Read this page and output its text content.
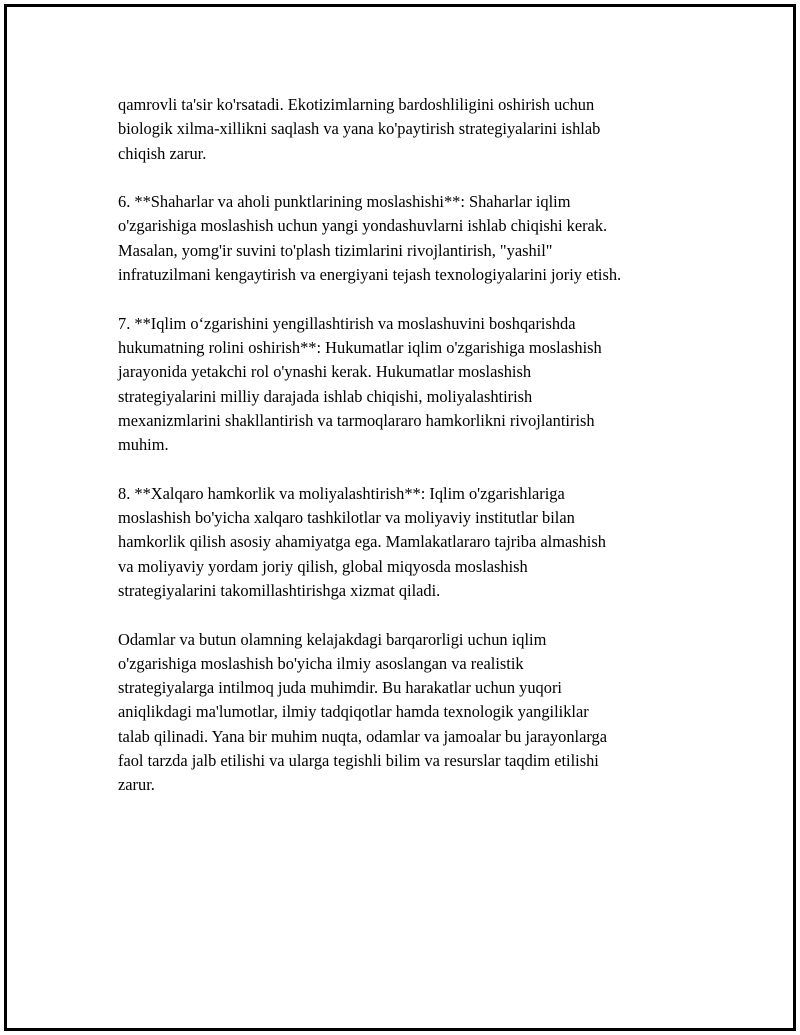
qamrovli ta'sir ko'rsatadi. Ekotizimlarning bardoshliligini oshirish uchun
biologik xilma-xillikni saqlash va yana ko'paytirish strategiyalarini ishlab
chiqish zarur.

6. **Shaharlar va aholi punktlarining moslashishi**: Shaharlar iqlim
o'zgarishiga moslashish uchun yangi yondashuvlarni ishlab chiqishi kerak.
Masalan, yomg'ir suvini to'plash tizimlarini rivojlantirish, "yashil"
infratuzilmani kengaytirish va energiyani tejash texnologiyalarini joriy etish.

7. **Iqlim o‘zgarishini yengillashtirish va moslashuvini boshqarishda
hukumatning rolini oshirish**: Hukumatlar iqlim o'zgarishiga moslashish
jarayonida yetakchi rol o'ynashi kerak. Hukumatlar moslashish
strategiyalarini milliy darajada ishlab chiqishi, moliyalashtirish
mexanizmlarini shakllantirish va tarmoqlararo hamkorlikni rivojlantirish
muhim.

8. **Xalqaro hamkorlik va moliyalashtirish**: Iqlim o'zgarishlariga
moslashish bo'yicha xalqaro tashkilotlar va moliyaviy institutlar bilan
hamkorlik qilish asosiy ahamiyatga ega. Mamlakatlararo tajriba almashish
va moliyaviy yordam joriy qilish, global miqyosda moslashish
strategiyalarini takomillashtirishga xizmat qiladi.

Odamlar va butun olamning kelajakdagi barqarorligi uchun iqlim
o'zgarishiga moslashish bo'yicha ilmiy asoslangan va realistik
strategiyalarga intilmoq juda muhimdir. Bu harakatlar uchun yuqori
aniqlikdagi ma'lumotlar, ilmiy tadqiqotlar hamda texnologik yangiliklar
talab qilinadi. Yana bir muhim nuqta, odamlar va jamoalar bu jarayonlarga
faol tarzda jalb etilishi va ularga tegishli bilim va resurslar taqdim etilishi
zarur.
